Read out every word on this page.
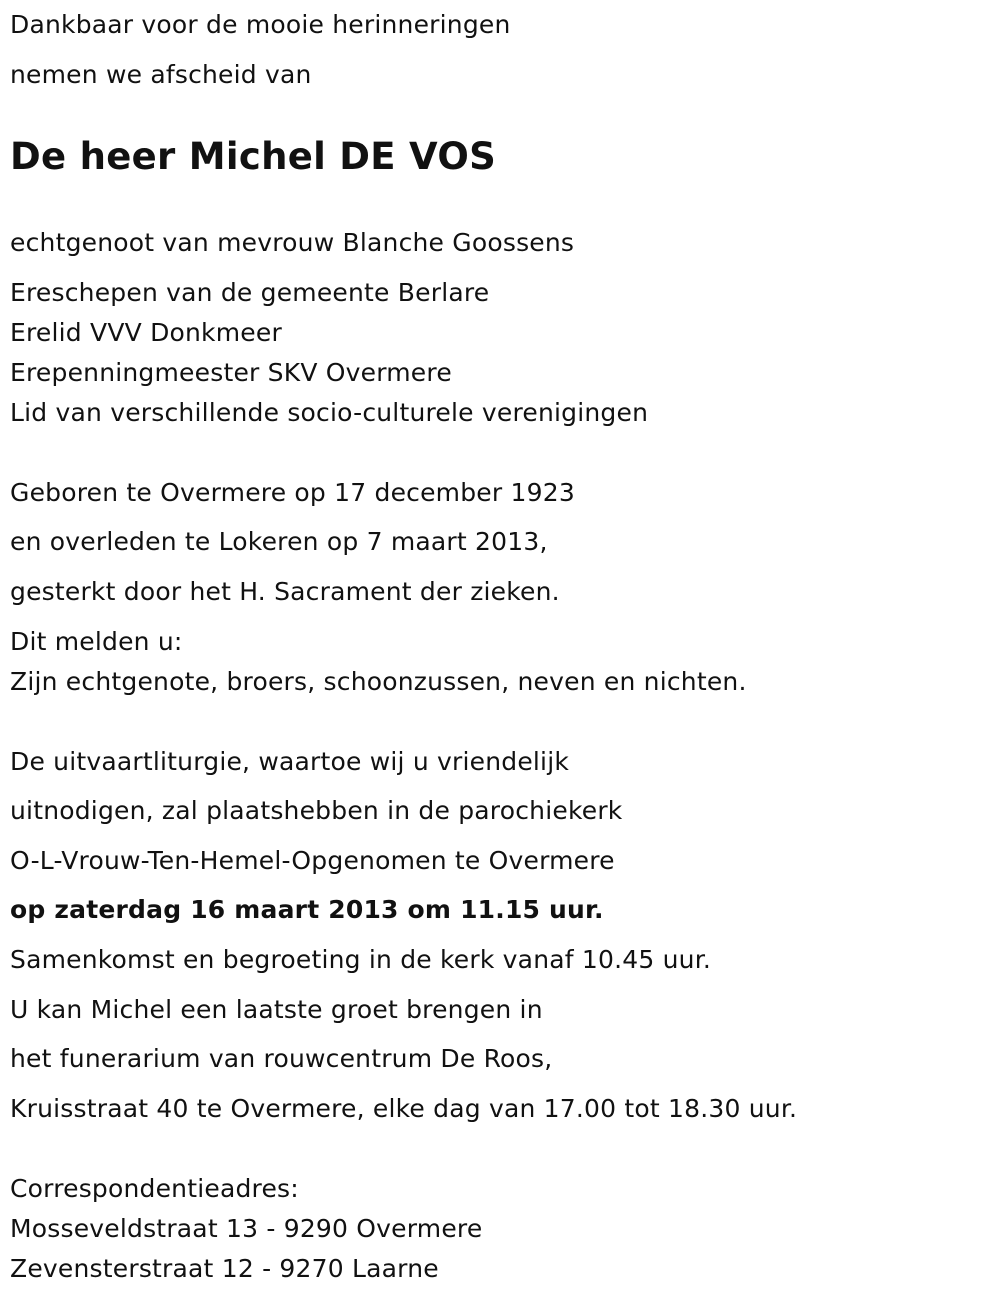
Dankbaar voor de mooie herinneringen
nemen we afscheid van
De heer Michel DE VOS
echtgenoot van mevrouw Blanche Goossens
Ereschepen van de gemeente Berlare
Erelid VVV Donkmeer
Erepenningmeester SKV Overmere
Lid van verschillende socio-culturele verenigingen
Geboren te Overmere op 17 december 1923
en overleden te Lokeren op 7 maart 2013,
gesterkt door het H. Sacrament der zieken.
Dit melden u:
Zijn echtgenote, broers, schoonzussen, neven en nichten.
De uitvaartliturgie, waartoe wij u vriendelijk
uitnodigen, zal plaatshebben in de parochiekerk
O-L-Vrouw-Ten-Hemel-Opgenomen te Overmere
op zaterdag 16 maart 2013 om 11.15 uur.
Samenkomst en begroeting in de kerk vanaf 10.45 uur.
U kan Michel een laatste groet brengen in
het funerarium van rouwcentrum De Roos,
Kruisstraat 40 te Overmere, elke dag van 17.00 tot 18.30 uur.
Correspondentieadres:
Mosseveldstraat 13 - 9290 Overmere
Zevensterstraat 12 - 9270 Laarne
